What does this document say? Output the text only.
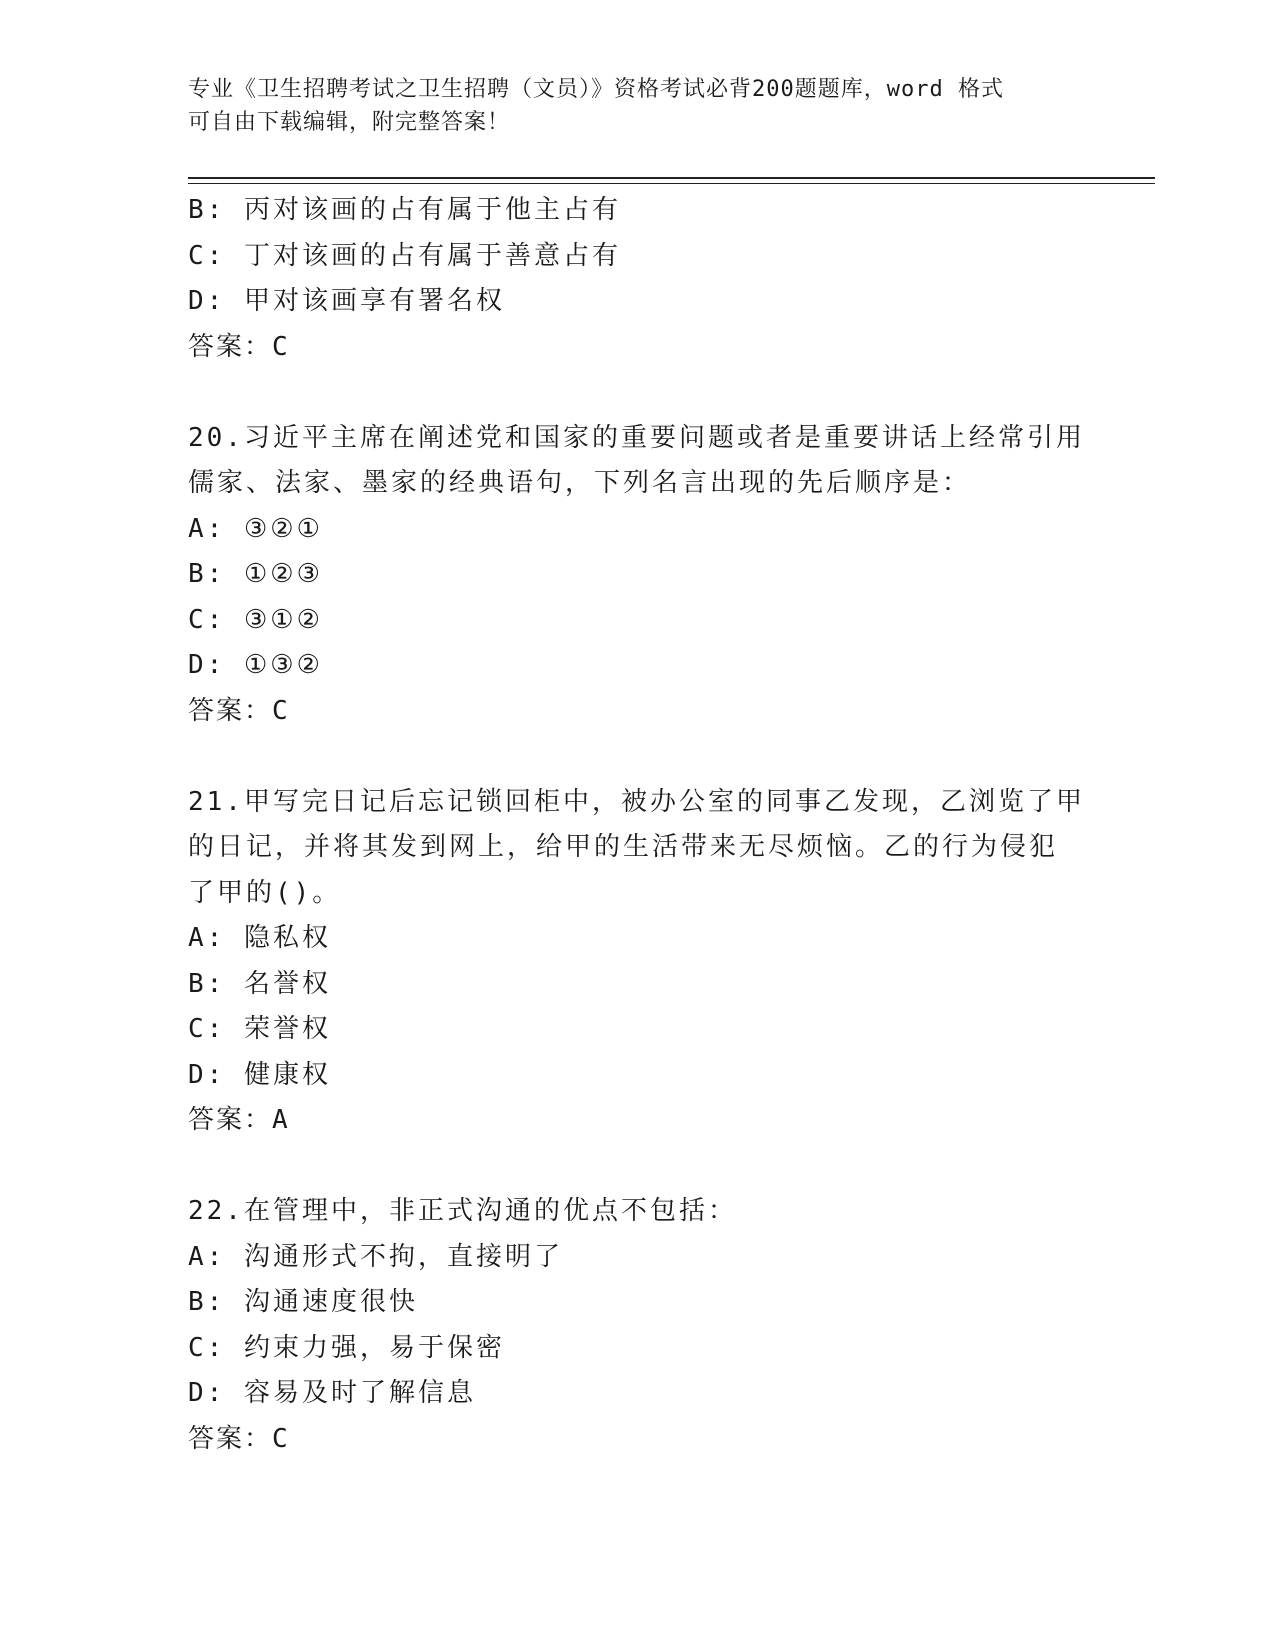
专业《卫生招聘考试之卫生招聘（文员）》资格考试必背200题题库，word 格式
可自由下载编辑，附完整答案！
B: 丙对该画的占有属于他主占有
C: 丁对该画的占有属于善意占有
D: 甲对该画享有署名权
答案：C
20.习近平主席在阐述党和国家的重要问题或者是重要讲话上经常引用
儒家、法家、墨家的经典语句，下列名言出现的先后顺序是：
A: ③②①
B: ①②③
C: ③①②
D: ①③②
答案：C
21.甲写完日记后忘记锁回柜中，被办公室的同事乙发现，乙浏览了甲
的日记，并将其发到网上，给甲的生活带来无尽烦恼。乙的行为侵犯
了甲的()。
A: 隐私权
B: 名誉权
C: 荣誉权
D: 健康权
答案：A
22.在管理中，非正式沟通的优点不包括：
A: 沟通形式不拘，直接明了
B: 沟通速度很快
C: 约束力强，易于保密
D: 容易及时了解信息
答案：C
